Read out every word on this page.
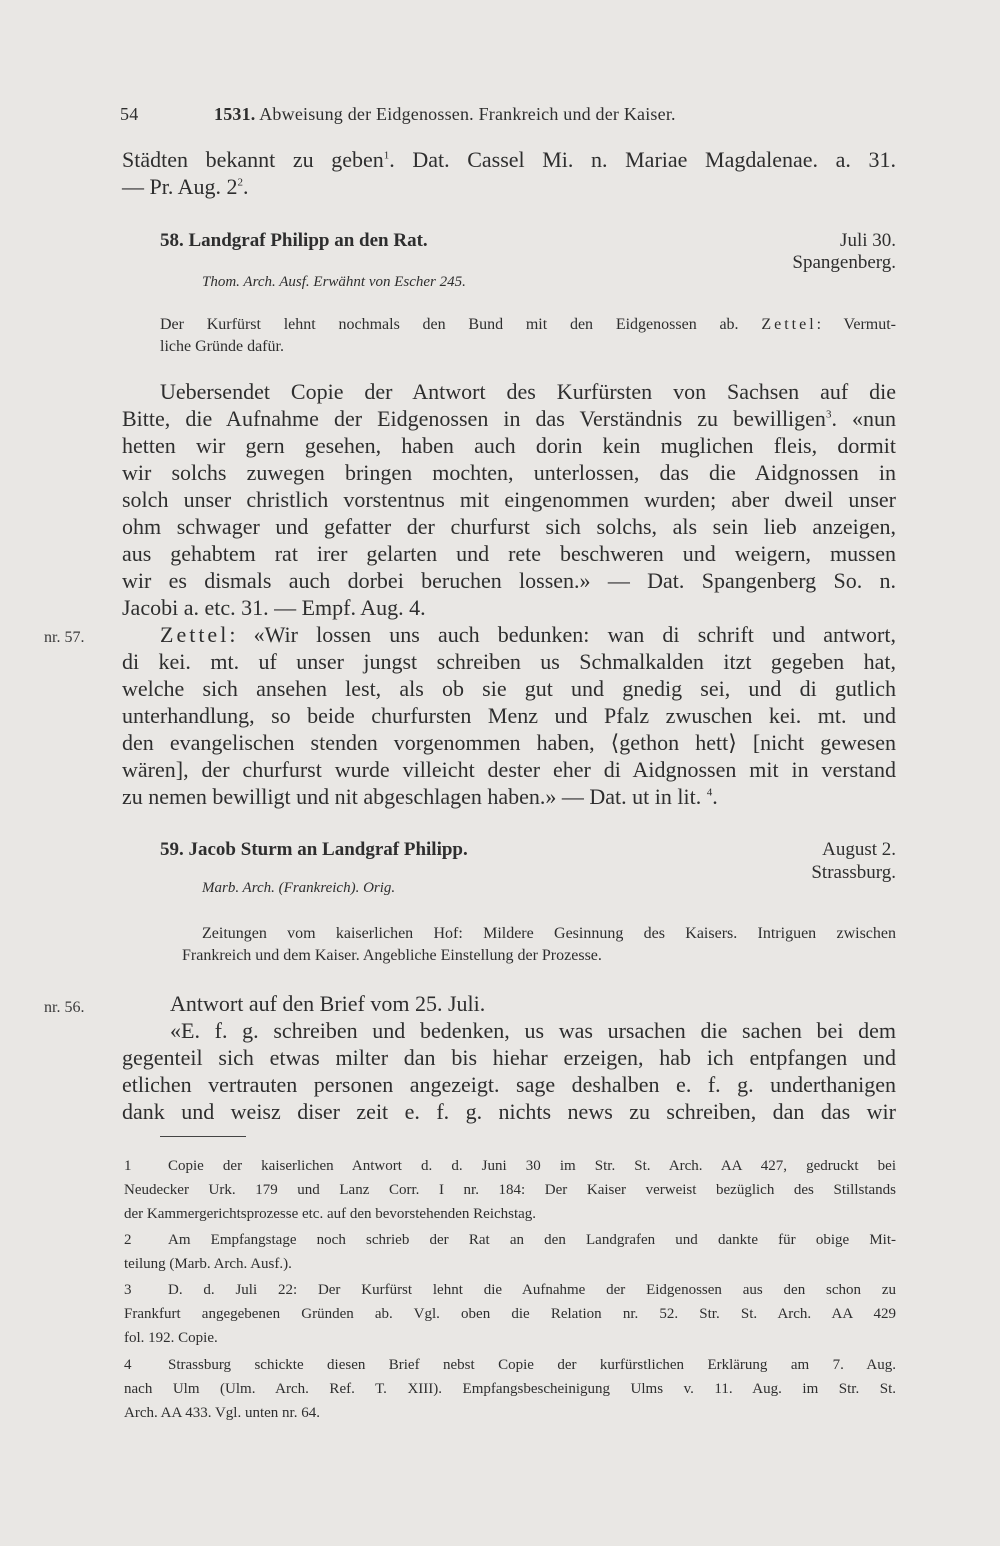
54	1531. Abweisung der Eidgenossen. Frankreich und der Kaiser.
Städten bekannt zu geben$^1$. Dat. Cassel Mi. n. Mariae Magdalenae. a. 31.
— Pr. Aug. $2^2$.
58. Landgraf Philipp an den Rat.	Juli 30.
Spangenberg.
Thom. Arch. Ausf. Erwähnt von Escher 245.
Der Kurfürst lehnt nochmals den Bund mit den Eidgenossen ab. Zettel: Vermut-
liche Gründe dafür.
Uebersendet Copie der Antwort des Kurfürsten von Sachsen auf die
Bitte, die Aufnahme der Eidgenossen in das Verständnis zu bewilligen$^3$. «nun
hetten wir gern gesehen, haben auch dorin kein muglichen fleis, dormit
wir solchs zuwegen bringen mochten, unterlossen, das die Aidgnossen in
solch unser christlich vorstentnus mit eingenommen wurden; aber dweil unser
ohm schwager und gefatter der churfurst sich solchs, als sein lieb anzeigen,
aus gehabtem rat irer gelarten und rete beschweren und weigern, mussen
wir es dismals auch dorbei beruchen lossen.» — Dat. Spangenberg So. n.
Jacobi a. etc. 31. — Empf. Aug. 4.
nr. 57.	Zettel: «Wir lossen uns auch bedunken: wan di schrift und antwort,
di kei. mt. uf unser jungst schreiben us Schmalkalden itzt gegeben hat,
welche sich ansehen lest, als ob sie gut und gnedig sei, und di gutlich
unterhandlung, so beide churfursten Menz und Pfalz zwuschen kei. mt. und
den evangelischen stenden vorgenommen haben, ⟨gethon hett⟩ [nicht gewesen
wären], der churfurst wurde villeicht dester eher di Aidgnossen mit in verstand
zu nemen bewilligt und nit abgeschlagen haben.» — Dat. ut in lit. $^4$.
59. Jacob Sturm an Landgraf Philipp.	August 2.
Strassburg.
Marb. Arch. (Frankreich). Orig.
Zeitungen vom kaiserlichen Hof: Mildere Gesinnung des Kaisers. Intriguen zwischen
Frankreich und dem Kaiser. Angebliche Einstellung der Prozesse.
nr. 56.	Antwort auf den Brief vom 25. Juli.
«E. f. g. schreiben und bedenken, us was ursachen die sachen bei dem
gegenteil sich etwas milter dan bis hiehar erzeigen, hab ich entpfangen und
etlichen vertrauten personen angezeigt. sage deshalben e. f. g. underthanigen
dank und weisz diser zeit e. f. g. nichts news zu schreiben, dan das wir
1 Copie der kaiserlichen Antwort d. d. Juni 30 im Str. St. Arch. AA 427, gedruckt bei
Neudecker Urk. 179 und Lanz Corr. I nr. 184: Der Kaiser verweist bezüglich des Stillstands
der Kammergerichtsprozesse etc. auf den bevorstehenden Reichstag.
2 Am Empfangstage noch schrieb der Rat an den Landgrafen und dankte für obige Mit-
teilung (Marb. Arch. Ausf.).
3 D. d. Juli 22: Der Kurfürst lehnt die Aufnahme der Eidgenossen aus den schon zu
Frankfurt angegebenen Gründen ab. Vgl. oben die Relation nr. 52. Str. St. Arch. AA 429
fol. 192. Copie.
4 Strassburg schickte diesen Brief nebst Copie der kurfürstlichen Erklärung am 7. Aug.
nach Ulm (Ulm. Arch. Ref. T. XIII). Empfangsbescheinigung Ulms v. 11. Aug. im Str. St.
Arch. AA 433. Vgl. unten nr. 64.
